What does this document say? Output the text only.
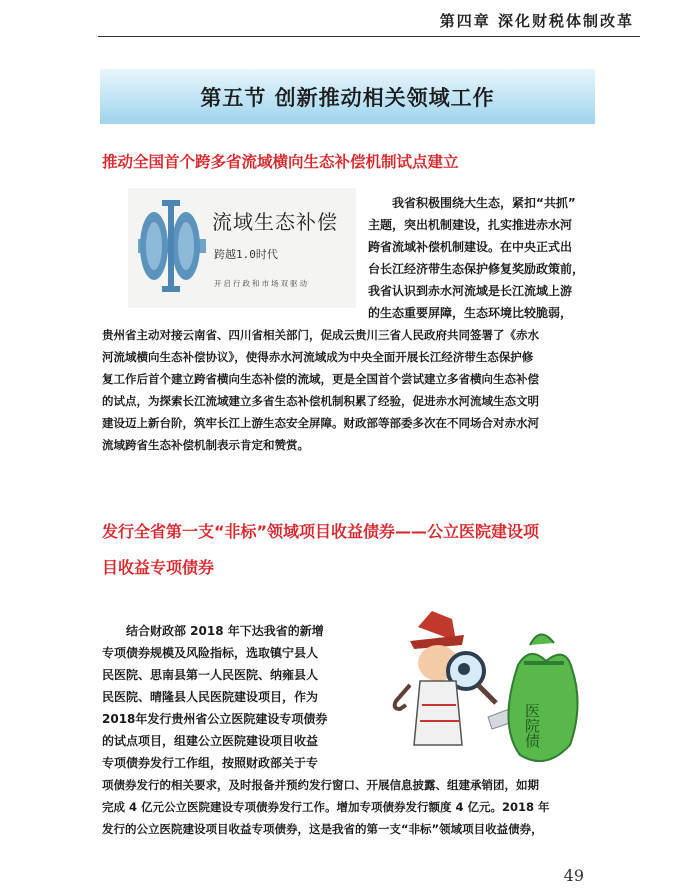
第四章 深化财税体制改革
第五节 创新推动相关领域工作
推动全国首个跨多省流域横向生态补偿机制试点建立
流域生态补偿
跨越1.0时代
开启行政和市场双驱动
我省积极围绕大生态，紧扣“共抓”
主题，突出机制建设，扎实推进赤水河
跨省流域补偿机制建设。在中央正式出
台长江经济带生态保护修复奖励政策前，
我省认识到赤水河流域是长江流域上游
的生态重要屏障，生态环境比较脆弱，
贵州省主动对接云南省、四川省相关部门，促成云贵川三省人民政府共同签署了《赤水
河流域横向生态补偿协议》，使得赤水河流域成为中央全面开展长江经济带生态保护修
复工作后首个建立跨省横向生态补偿的流域，更是全国首个尝试建立多省横向生态补偿
的试点，为探索长江流域建立多省生态补偿机制积累了经验，促进赤水河流域生态文明
建设迈上新台阶，筑牢长江上游生态安全屏障。财政部等部委多次在不同场合对赤水河
流域跨省生态补偿机制表示肯定和赞赏。
发行全省第一支“非标”领域项目收益债券——公立医院建设项
目收益专项债券
医院债
结合财政部 2018 年下达我省的新增
专项债券规模及风险指标，选取镇宁县人
民医院、思南县第一人民医院、纳雍县人
民医院、晴隆县人民医院建设项目，作为
2018年发行贵州省公立医院建设专项债券
的试点项目，组建公立医院建设项目收益
专项债券发行工作组，按照财政部关于专
项债券发行的相关要求，及时报备并预约发行窗口、开展信息披露、组建承销团，如期
完成 4 亿元公立医院建设专项债券发行工作。增加专项债券发行额度 4 亿元。2018 年
发行的公立医院建设项目收益专项债券，这是我省的第一支“非标”领域项目收益债券，
49
